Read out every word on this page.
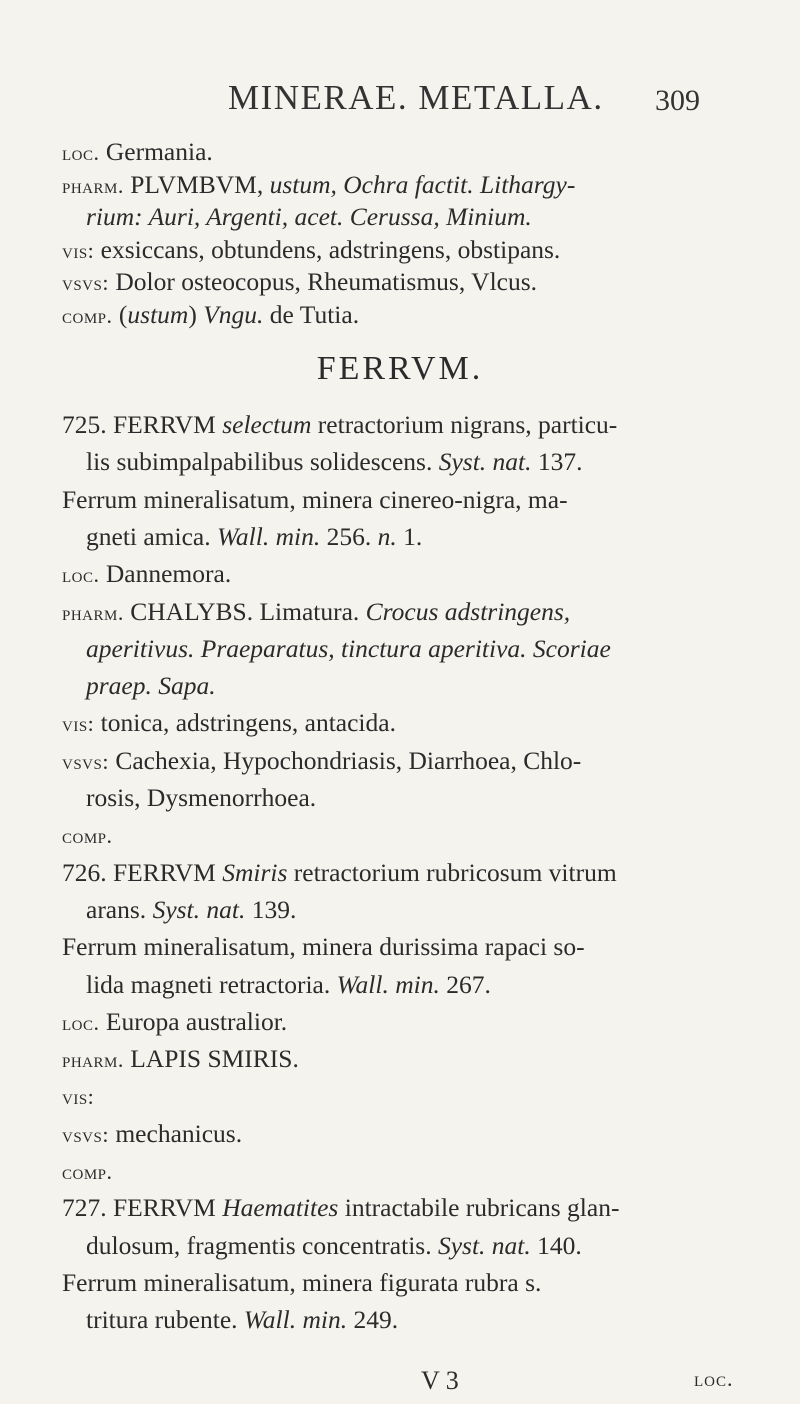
MINERAE. METALLA. 309
FERRVM.
loc. Germania.
pharm. PLVMBVM, ustum, Ochra factit. Lithargy-
rium: Auri, Argenti, acet. Cerussa, Minium.
vis: exsiccans, obtundens, adstringens, obstipans.
vsvs: Dolor osteocopus, Rheumatismus, Vlcus.
comp. (ustum) Vngu. de Tutia.
725. FERRVM selectum retractorium nigrans, particu-
lis subimpalpabilibus solidescens. Syst. nat. 137.
Ferrum mineralisatum, minera cinereo-nigra, ma-
gneti amica. Wall. min. 256. n. 1.
loc. Dannemora.
pharm. CHALYBS. Limatura. Crocus adstringens,
aperitivus. Praeparatus, tinctura aperitiva. Scoriae
praep. Sapa.
vis: tonica, adstringens, antacida.
vsvs: Cachexia, Hypochondriasis, Diarrhoea, Chlo-
rosis, Dysmenorrhoea.
comp.
726. FERRVM Smiris retractorium rubricosum vitrum
arans. Syst. nat. 139.
Ferrum mineralisatum, minera durissima rapaci so-
lida magneti retractoria. Wall. min. 267.
loc. Europa australior.
pharm. LAPIS SMIRIS.
vis:
vsvs: mechanicus.
comp.
727. FERRVM Haematites intractabile rubricans glan-
dulosum, fragmentis concentratis. Syst. nat. 140.
Ferrum mineralisatum, minera figurata rubra s.
tritura rubente. Wall. min. 249.
V 3	loc.
